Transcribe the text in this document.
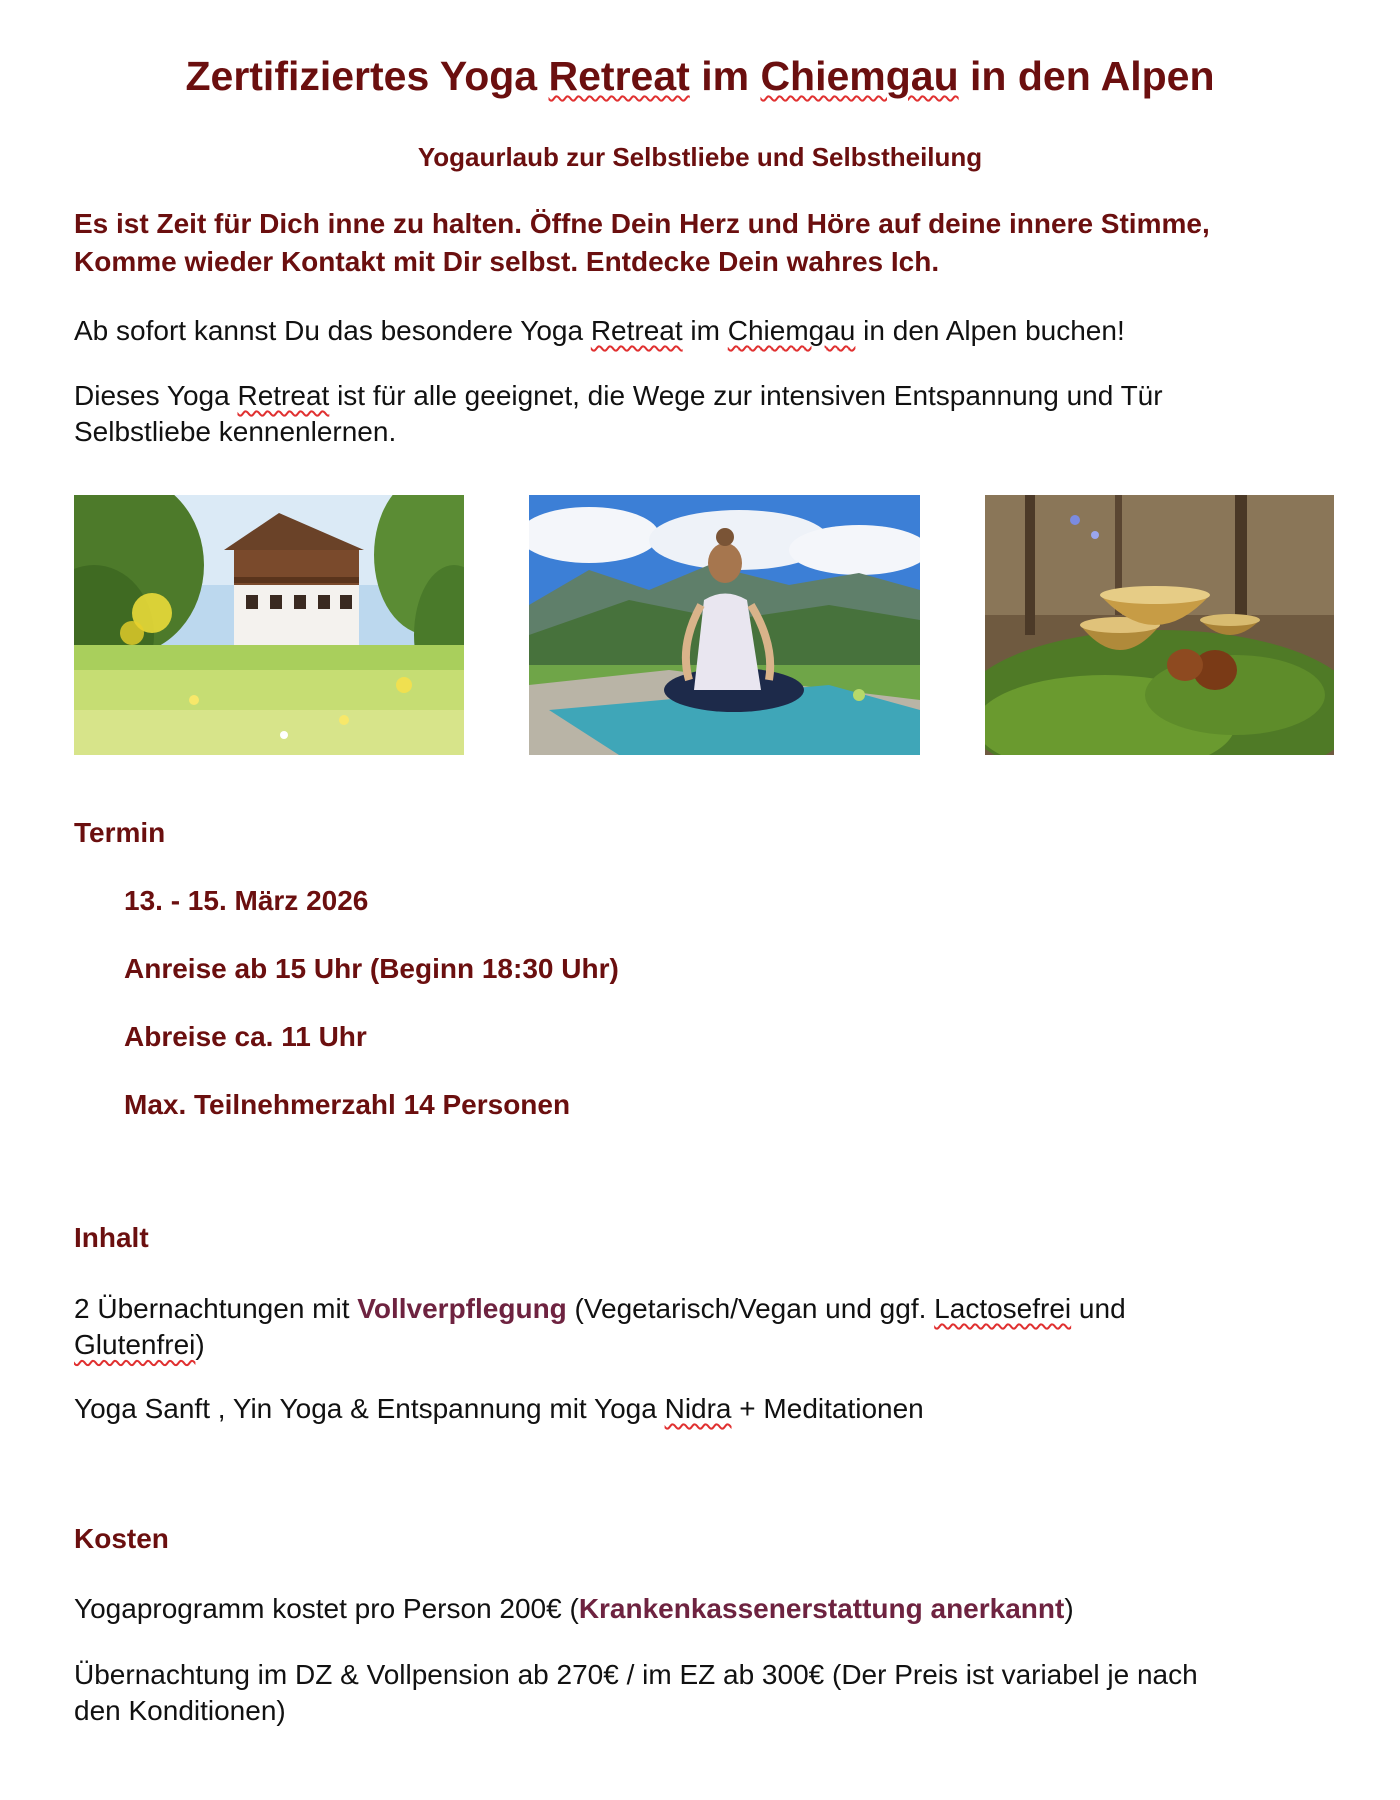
Zertifiziertes Yoga Retreat im Chiemgau in den Alpen
Yogaurlaub zur Selbstliebe und Selbstheilung
Es ist Zeit für Dich inne zu halten. Öffne Dein Herz und Höre auf deine innere Stimme,
Komme wieder Kontakt mit Dir selbst. Entdecke Dein wahres Ich.
Ab sofort kannst Du das besondere Yoga Retreat im Chiemgau in den Alpen buchen!
Dieses Yoga Retreat ist für alle geeignet, die Wege zur intensiven Entspannung und Tür
Selbstliebe kennenlernen.
Termin
13. - 15. März 2026
Anreise ab 15 Uhr (Beginn 18:30 Uhr)
Abreise ca. 11 Uhr
Max. Teilnehmerzahl 14 Personen
Inhalt
2 Übernachtungen mit Vollverpflegung (Vegetarisch/Vegan und ggf. Lactosefrei und
Glutenfrei)
Yoga Sanft , Yin Yoga & Entspannung mit Yoga Nidra + Meditationen
Kosten
Yogaprogramm kostet pro Person 200€ (Krankenkassenerstattung anerkannt)
Übernachtung im DZ & Vollpension ab 270€ / im EZ ab 300€ (Der Preis ist variabel je nach
den Konditionen)
